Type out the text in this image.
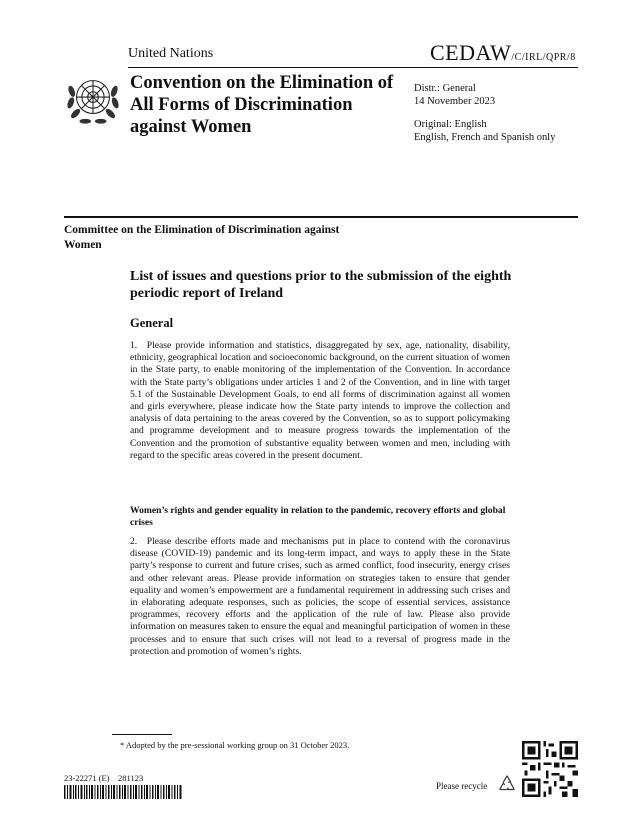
United Nations	CEDAW/C/IRL/QPR/8
Convention on the Elimination of All Forms of Discrimination against Women
Distr.: General
14 November 2023
Original: English
English, French and Spanish only
Committee on the Elimination of Discrimination against Women
List of issues and questions prior to the submission of the eighth periodic report of Ireland
General
1.  Please provide information and statistics, disaggregated by sex, age, nationality, disability, ethnicity, geographical location and socioeconomic background, on the current situation of women in the State party, to enable monitoring of the implementation of the Convention. In accordance with the State party’s obligations under articles 1 and 2 of the Convention, and in line with target 5.1 of the Sustainable Development Goals, to end all forms of discrimination against all women and girls everywhere, please indicate how the State party intends to improve the collection and analysis of data pertaining to the areas covered by the Convention, so as to support policymaking and programme development and to measure progress towards the implementation of the Convention and the promotion of substantive equality between women and men, including with regard to the specific areas covered in the present document.
Women’s rights and gender equality in relation to the pandemic, recovery efforts and global crises
2.  Please describe efforts made and mechanisms put in place to contend with the coronavirus disease (COVID-19) pandemic and its long-term impact, and ways to apply these in the State party’s response to current and future crises, such as armed conflict, food insecurity, energy crises and other relevant areas. Please provide information on strategies taken to ensure that gender equality and women’s empowerment are a fundamental requirement in addressing such crises and in elaborating adequate responses, such as policies, the scope of essential services, assistance programmes, recovery efforts and the application of the rule of law. Please also provide information on measures taken to ensure the equal and meaningful participation of women in these processes and to ensure that such crises will not lead to a reversal of progress made in the protection and promotion of women’s rights.
* Adopted by the pre-sessional working group on 31 October 2023.
23-22271 (E)    281123
Please recycle
